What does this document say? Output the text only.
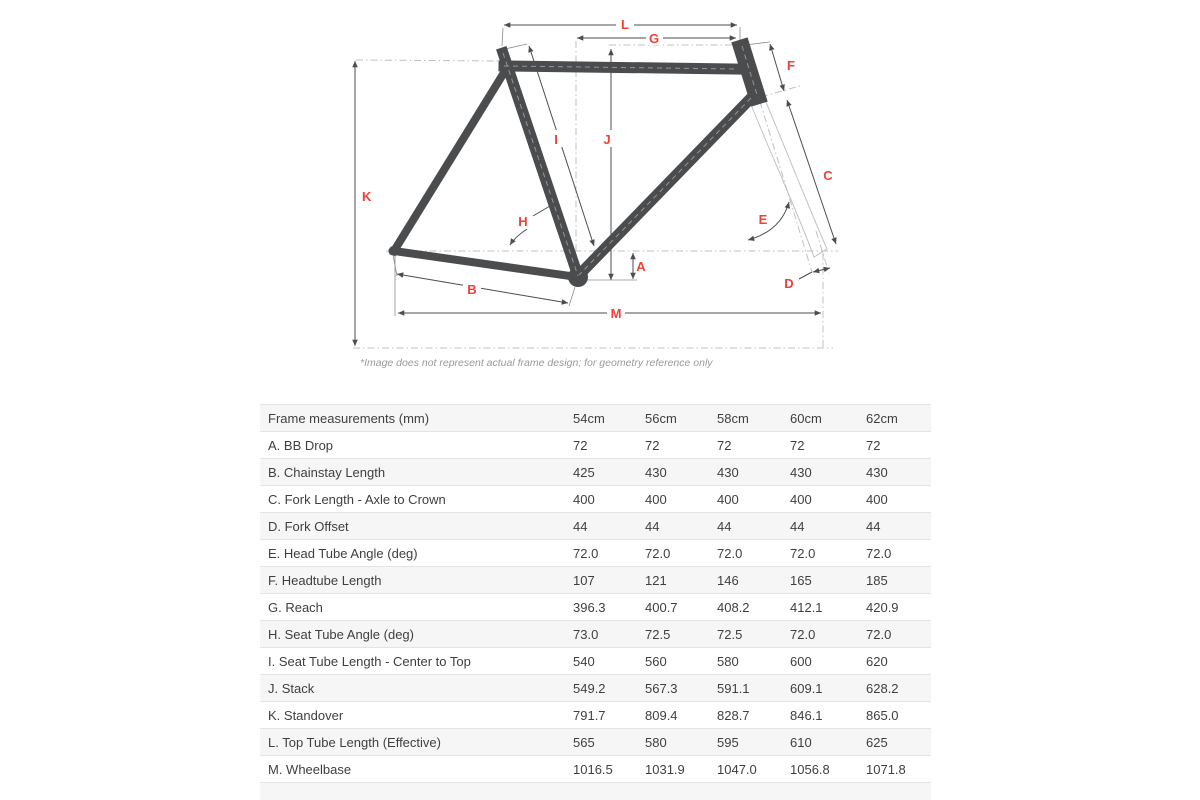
A
B
C
D
E
F
G
H
I	J
K
L
M
*Image does not represent actual frame design; for geometry reference only
Frame measurements (mm)	54cm	56cm	58cm	60cm	62cm
A. BB Drop	72	72	72	72	72
B. Chainstay Length	425	430	430	430	430
C. Fork Length - Axle to Crown	400	400	400	400	400
D. Fork Offset	44	44	44	44	44
E. Head Tube Angle (deg)	72.0	72.0	72.0	72.0	72.0
F. Headtube Length	107	121	146	165	185
G. Reach	396.3	400.7	408.2	412.1	420.9
H. Seat Tube Angle (deg)	73.0	72.5	72.5	72.0	72.0
I. Seat Tube Length - Center to Top	540	560	580	600	620
J. Stack	549.2	567.3	591.1	609.1	628.2
K. Standover	791.7	809.4	828.7	846.1	865.0
L. Top Tube Length (Effective)	565	580	595	610	625
M. Wheelbase	1016.5	1031.9	1047.0	1056.8	1071.8
